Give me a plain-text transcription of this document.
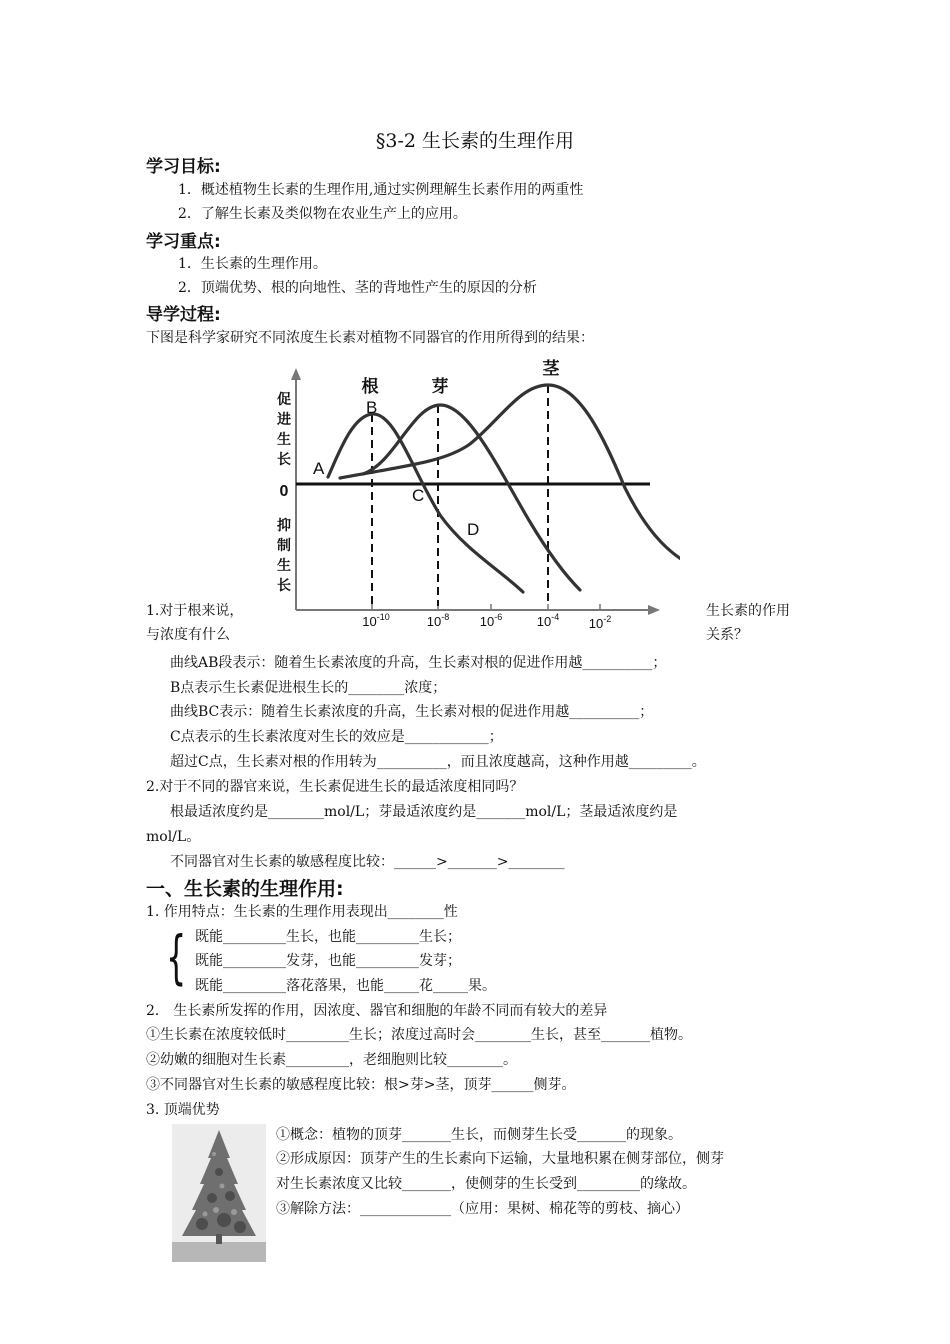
§3-2 生长素的生理作用
学习目标:
1．概述植物生长素的生理作用,通过实例理解生长素作用的两重性
2．了解生长素及类似物在农业生产上的应用。
学习重点:
1．生长素的生理作用。
2．顶端优势、根的向地性、茎的背地性产生的原因的分析
导学过程:
下图是科学家研究不同浓度生长素对植物不同器官的作用所得到的结果：
促进生长
0
抑制生长
根	芽
茎
A
B
C
D
$10^{-10}$	$10^{-8}$ $10^{-6}$	$10^{-4}$ $10^{-2}$
1.对于根来说，
与浓度有什么
生长素的作用
关系？
曲线AB段表示：随着生长素浓度的升高，生长素对根的促进作用越__________；
B点表示生长素促进根生长的________浓度；
曲线BC表示：随着生长素浓度的升高，生长素对根的促进作用越__________；
C点表示的生长素浓度对生长的效应是____________；
超过C点，生长素对根的作用转为__________，而且浓度越高，这种作用越_________。
2.对于不同的器官来说，生长素促进生长的最适浓度相同吗？
根最适浓度约是________mol/L；芽最适浓度约是_______mol/L；茎最适浓度约是
mol/L。
不同器官对生长素的敏感程度比较：______>_______>________
一、生长素的生理作用:
1. 作用特点：生长素的生理作用表现出________性
{ 既能_________生长，也能_________生长；
既能_________发芽，也能_________发芽；
既能_________落花落果，也能_____花_____果。
2． 生长素所发挥的作用，因浓度、器官和细胞的年龄不同而有较大的差异
①生长素在浓度较低时_________生长；浓度过高时会________生长，甚至_______植物。
②幼嫩的细胞对生长素_________，老细胞则比较________。
③不同器官对生长素的敏感程度比较：根>芽>茎，顶芽______侧芽。
3. 顶端优势
①概念：植物的顶芽_______生长，而侧芽生长受_______的现象。
②形成原因：顶芽产生的生长素向下运输，大量地积累在侧芽部位，侧芽
对生长素浓度又比较_______，使侧芽的生长受到_________的缘故。
③解除方法：_____________（应用：果树、棉花等的剪枝、摘心）
